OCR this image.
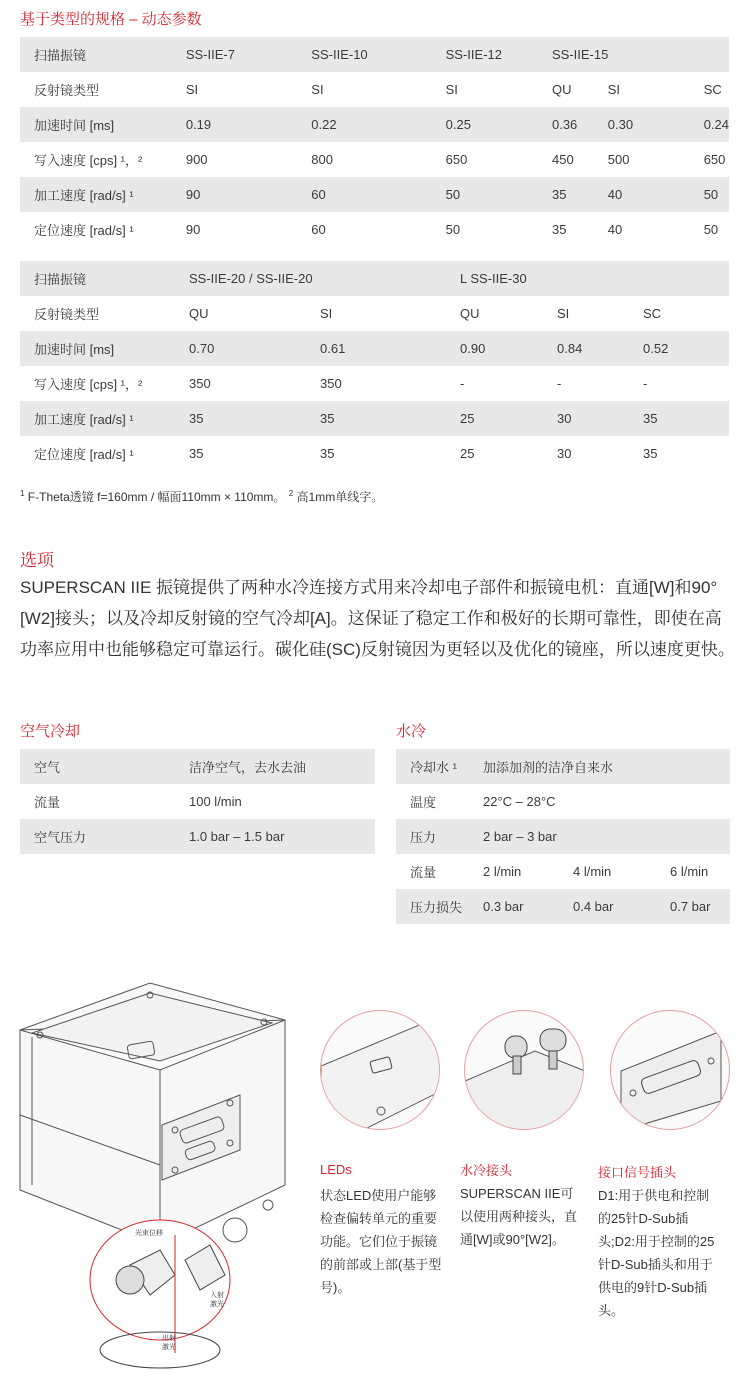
基于类型的规格 – 动态参数
扫描振镜	SS-IIE-7	SS-IIE-10	SS-IIE-12	SS-IIE-15		
反射镜类型	SI	SI	SI	QU	SI	SC
加速时间 [ms]	0.19	0.22	0.25	0.36	0.30	0.24
写入速度 [cps] ¹，²	900	800	650	450	500	650
加工速度 [rad/s] ¹	90	60	50	35	40	50
定位速度 [rad/s] ¹	90	60	50	35	40	50
扫描振镜	SS-IIE-20 / SS-IIE-20		L SS-IIE-30		
反射镜类型	QU	SI	QU	SI	SC
加速时间 [ms]	0.70	0.61	0.90	0.84	0.52
写入速度 [cps] ¹，²	350	350	-	-	-
加工速度 [rad/s] ¹	35	35	25	30	35
定位速度 [rad/s] ¹	35	35	25	30	35
$^1$ F-Theta透镜 f=160mm / 幅面110mm × 110mm。 $^2$ 高1mm单线字。
选项
SUPERSCAN IIE 振镜提供了两种水冷连接方式用来冷却电子部件和振镜电机：直通[W]和90°[W2]接头；以及冷却反射镜的空气冷却[A]。这保证了稳定工作和极好的长期可靠性，即使在高功率应用中也能够稳定可靠运行。碳化硅(SC)反射镜因为更轻以及优化的镜座，所以速度更快。
空气冷却	水冷
空气	洁净空气，去水去油
流量	100 l/min
空气压力	1.0 bar – 1.5 bar
冷却水 ¹	加添加剂的洁净自来水		
温度	22°C – 28°C		
压力	2 bar – 3 bar		
流量	2 l/min	4 l/min	6 l/min
压力损失	0.3 bar	0.4 bar	0.7 bar
光束位移
入射激光
出射激光
LEDs
状态LED使用户能够检查偏转单元的重要功能。它们位于振镜的前部或上部(基于型号)。
水冷接头
SUPERSCAN IIE可以使用两种接头，直通[W]或90°[W2]。
接口信号插头
D1:用于供电和控制的25针D-Sub插头;D2:用于控制的25针D-Sub插头和用于供电的9针D-Sub插头。
